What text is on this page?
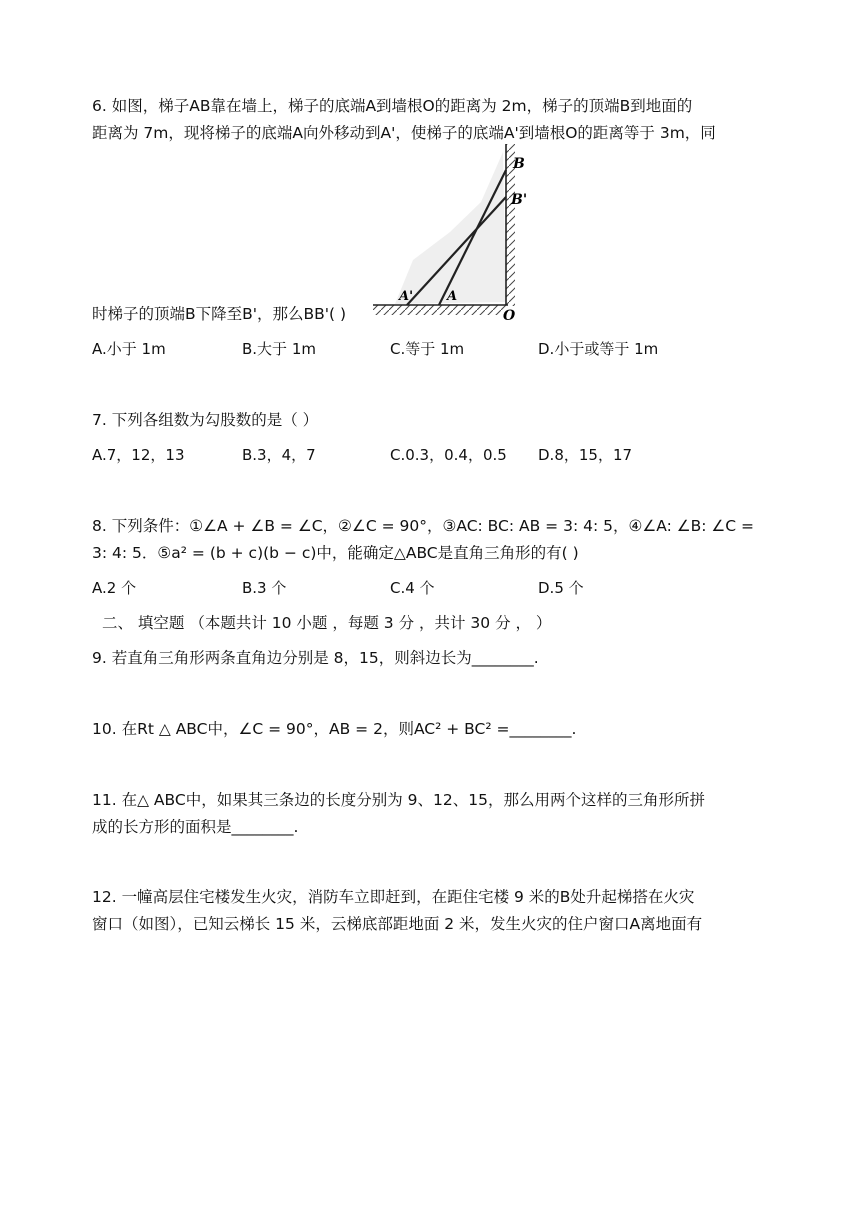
6. 如图，梯子AB靠在墙上，梯子的底端A到墙根O的距离为 2m，梯子的顶端B到地面的
距离为 7m，现将梯子的底端A向外移动到A'，使梯子的底端A'到墙根O的距离等于 3m，同
B
B'
A'	A
O
时梯子的顶端B下降至B'，那么BB'( )
A.小于 1m	B.大于 1m	C.等于 1m	D.小于或等于 1m
7. 下列各组数为勾股数的是（ ）
A.7，12，13	B.3，4，7	C.0.3，0.4，0.5 D.8，15，17
8. 下列条件：①∠A + ∠B = ∠C，②∠C = 90°，③AC: BC: AB = 3: 4: 5，④∠A: ∠B: ∠C =
3: 4: 5．⑤a² = (b + c)(b − c)中，能确定△ABC是直角三角形的有( )
A.2 个	B.3 个	C.4 个	D.5 个
二、 填空题 （本题共计 10 小题 ，每题 3 分 ，共计 30 分 ， ）
9. 若直角三角形两条直角边分别是 8，15，则斜边长为________.
10. 在Rt △ ABC中，∠C = 90°，AB = 2，则AC² + BC² =________.
11. 在△ ABC中，如果其三条边的长度分别为 9、12、15，那么用两个这样的三角形所拼
成的长方形的面积是________.
12. 一幢高层住宅楼发生火灾，消防车立即赶到，在距住宅楼 9 米的B处升起梯搭在火灾
窗口（如图），已知云梯长 15 米，云梯底部距地面 2 米，发生火灾的住户窗口A离地面有
